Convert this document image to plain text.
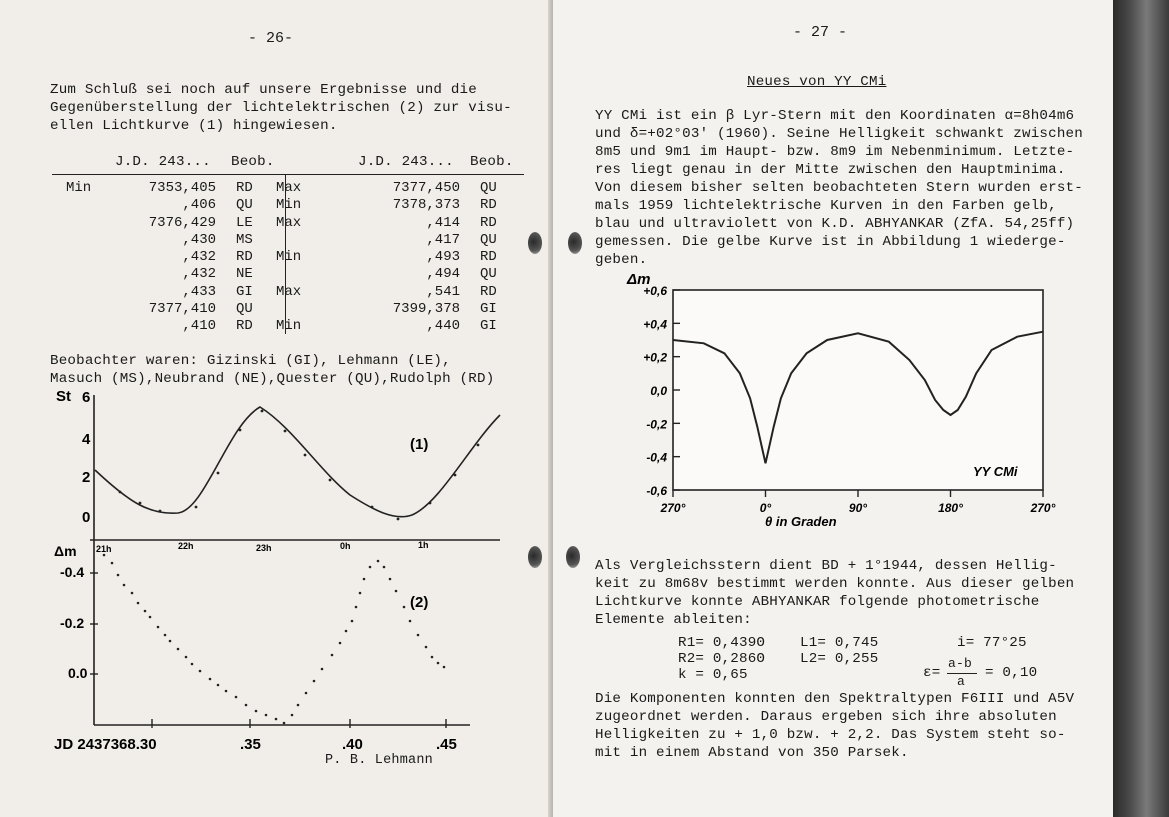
- 26-
Zum Schluß sei noch auf unsere Ergebnisse und die
Gegenüberstellung der lichtelektrischen (2) zur visu-
ellen Lichtkurve (1) hingewiesen.
J.D. 243... Beob.	J.D. 243... Beob.
Min	7353,405	RD	Max	7377,450	QU
	,406	QU	Min	7378,373	RD
	7376,429	LE	Max	,414	RD
	,430	MS		,417	QU
	,432	RD	Min	,493	RD
	,432	NE		,494	QU
	,433	GI	Max	,541	RD
	7377,410	QU		7399,378	GI
	,410	RD	Min	,440	GI
Beobachter waren: Gizinski (GI), Lehmann (LE),
Masuch (MS),Neubrand (NE),Quester (QU),Rudolph (RD)
St 6
4
2
0
(1)
(2)
21h	22h	23h	0h	1h
Δm
-0.4
-0.2
0.0
JD 2437368.30	.35	.40	.45
P. B. Lehmann
- 27 -
Neues von YY CMi
YY CMi ist ein β Lyr-Stern mit den Koordinaten α=8h04m6
und δ=+02°03' (1960). Seine Helligkeit schwankt zwischen
8m5 und 9m1 im Haupt- bzw. 8m9 im Nebenminimum. Letzte-
res liegt genau in der Mitte zwischen den Hauptminima.
Von diesem bisher selten beobachteten Stern wurden erst-
mals 1959 lichtelektrische Kurven in den Farben gelb,
blau und ultraviolett von K.D. ABHYANKAR (ZfA. 54,25ff)
gemessen. Die gelbe Kurve ist in Abbildung 1 wiederge-
geben.
+0,6
+0,4
+0,2
0,0
-0,2
-0,4
-0,6
270°	0°	90°	180°	270°
Δm
YY CMi
θ in Graden
Als Vergleichsstern dient BD + 1°1944, dessen Hellig-
keit zu 8m68v bestimmt werden konnte. Aus dieser gelben
Lichtkurve konnte ABHYANKAR folgende photometrische
Elemente ableiten:
R1= 0,439ʘ
R2= 0,286ʘ
k = 0,65
L1= 0,745
L2= 0,255
i= 77°25
ε=
a-b
a
= 0,10
Die Komponenten konnten den Spektraltypen F6III und A5V
zugeordnet werden. Daraus ergeben sich ihre absoluten
Helligkeiten zu + 1,0 bzw. + 2,2. Das System steht so-
mit in einem Abstand von 350 Parsek.
